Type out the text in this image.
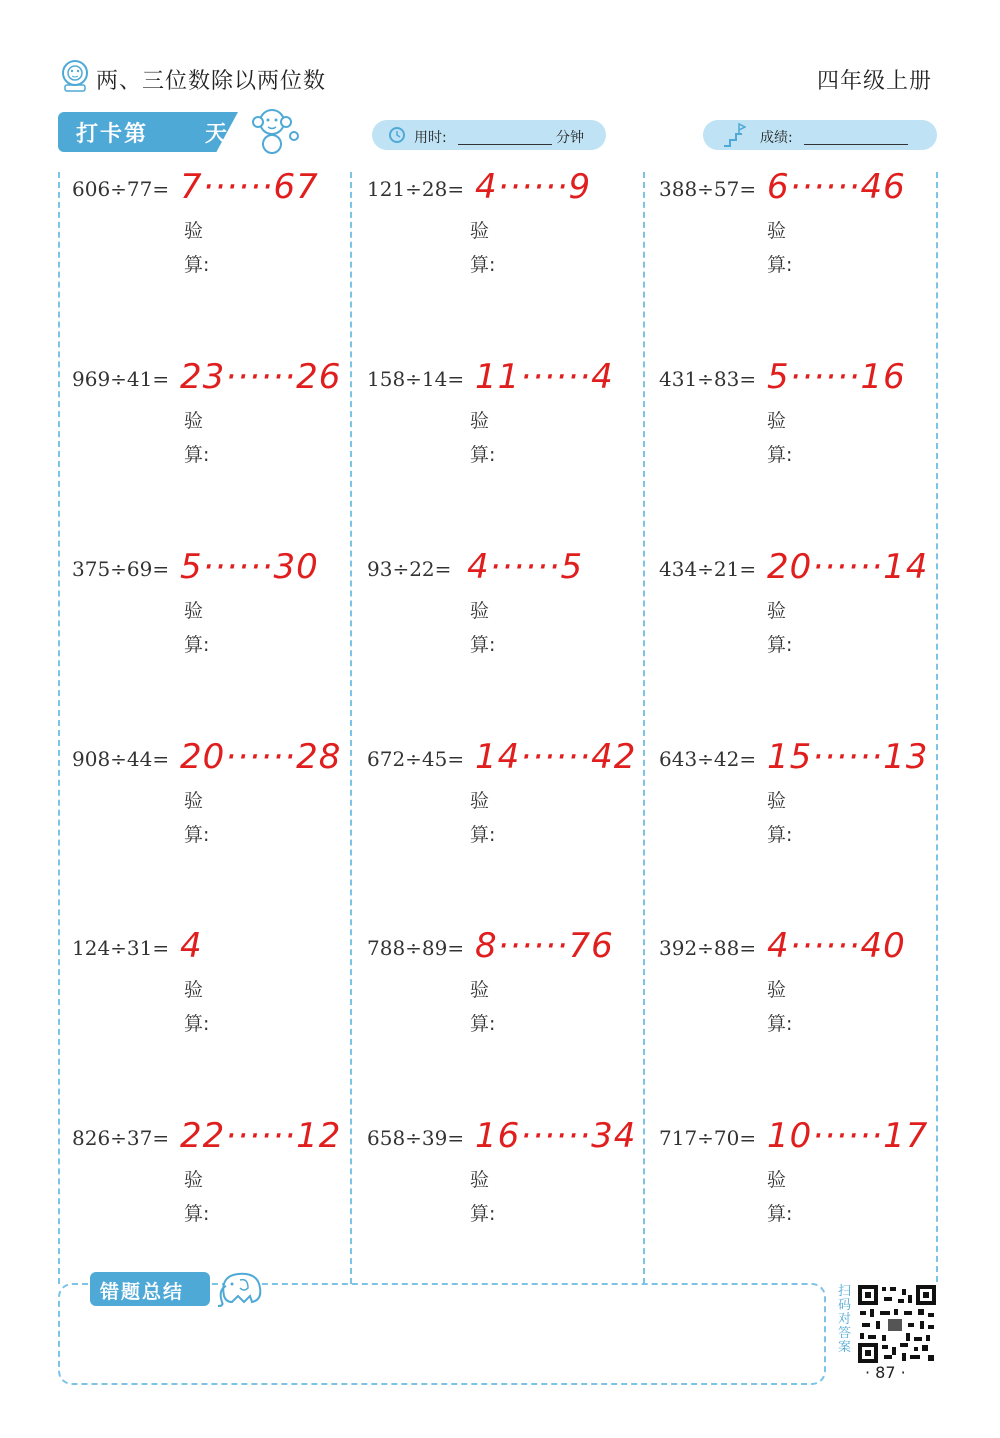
两、三位数除以两位数	四年级上册
打卡第	天	用时:	分钟	成绩:
606÷77= 7······67
验
算:
969÷41= 23······26
验
算:
375÷69= 5······30
验
算:
908÷44= 20······28
验
算:
124÷31= 4
验
算:
826÷37= 22······12
验
算:
121÷28= 4······9
验
算:
158÷14= 11······4
验
算:
93÷22= 4······5
验
算:
672÷45= 14······42
验
算:
788÷89= 8······76
验
算:
658÷39= 16······34
验
算:
388÷57= 6······46
验
算:
431÷83= 5······16
验
算:
434÷21= 20······14
验
算:
643÷42= 15······13
验
算:
392÷88= 4······40
验
算:
717÷70= 10······17
验
算:
错题总结	扫码对答案
· 87 ·
